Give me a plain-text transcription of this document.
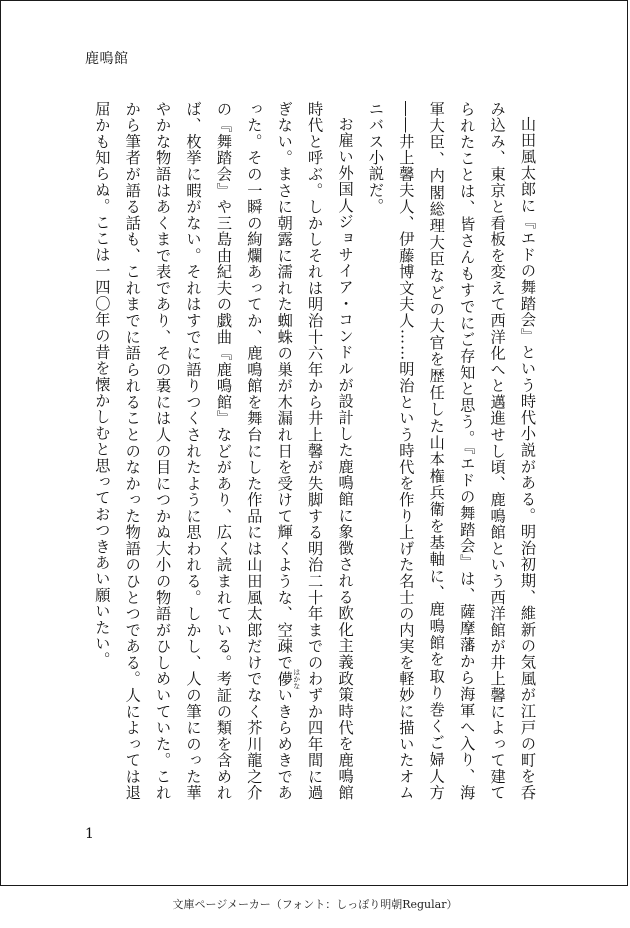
鹿鳴館

山田風太郎に『エドの舞踏会』という時代小説がある。明治初期、維新の気風が江戸の町を呑み込み、東京と看板を変えて西洋化へと邁進せし頃、鹿鳴館という西洋館が井上馨によって建てられたことは、皆さんもすでにご存知と思う。『エドの舞踏会』は、薩摩藩から海軍へ入り、海軍大臣、内閣総理大臣などの大官を歴任した山本権兵衛を基軸に、鹿鳴館を取り巻くご婦人方――井上馨夫人、伊藤博文夫人……明治という時代を作り上げた名士の内実を軽妙に描いたオムニバス小説だ。

お雇い外国人ジョサイア・コンドルが設計した鹿鳴館に象徴される欧化主義政策時代を鹿鳴館時代と呼ぶ。しかしそれは明治十六年から井上馨が失脚する明治二十年までのわずか四年間に過ぎない。まさに朝露に濡れた蜘蛛の巣が木漏れ日を受けて輝くような、空疎で儚 はかないきらめきであった。その一瞬の絢爛あってか、鹿鳴館を舞台にした作品には山田風太郎だけでなく芥川龍之介の『舞踏会』や三島由紀夫の戯曲『鹿鳴館』などがあり、広く読まれている。考証の類を含めれば、枚挙に暇がない。それはすでに語りつくされたように思われる。しかし、人の筆にのった華やかな物語はあくまで表であり、その裏には人の目につかぬ大小の物語がひしめいていた。これから筆者が語る話も、これまでに語られることのなかった物語のひとつである。人によっては退屈かも知らぬ。ここは一四〇年の昔を懐かしむと思っておつきあい願いたい。

1
文庫ページメーカー（フォント：しっぽり明朝Regular）
